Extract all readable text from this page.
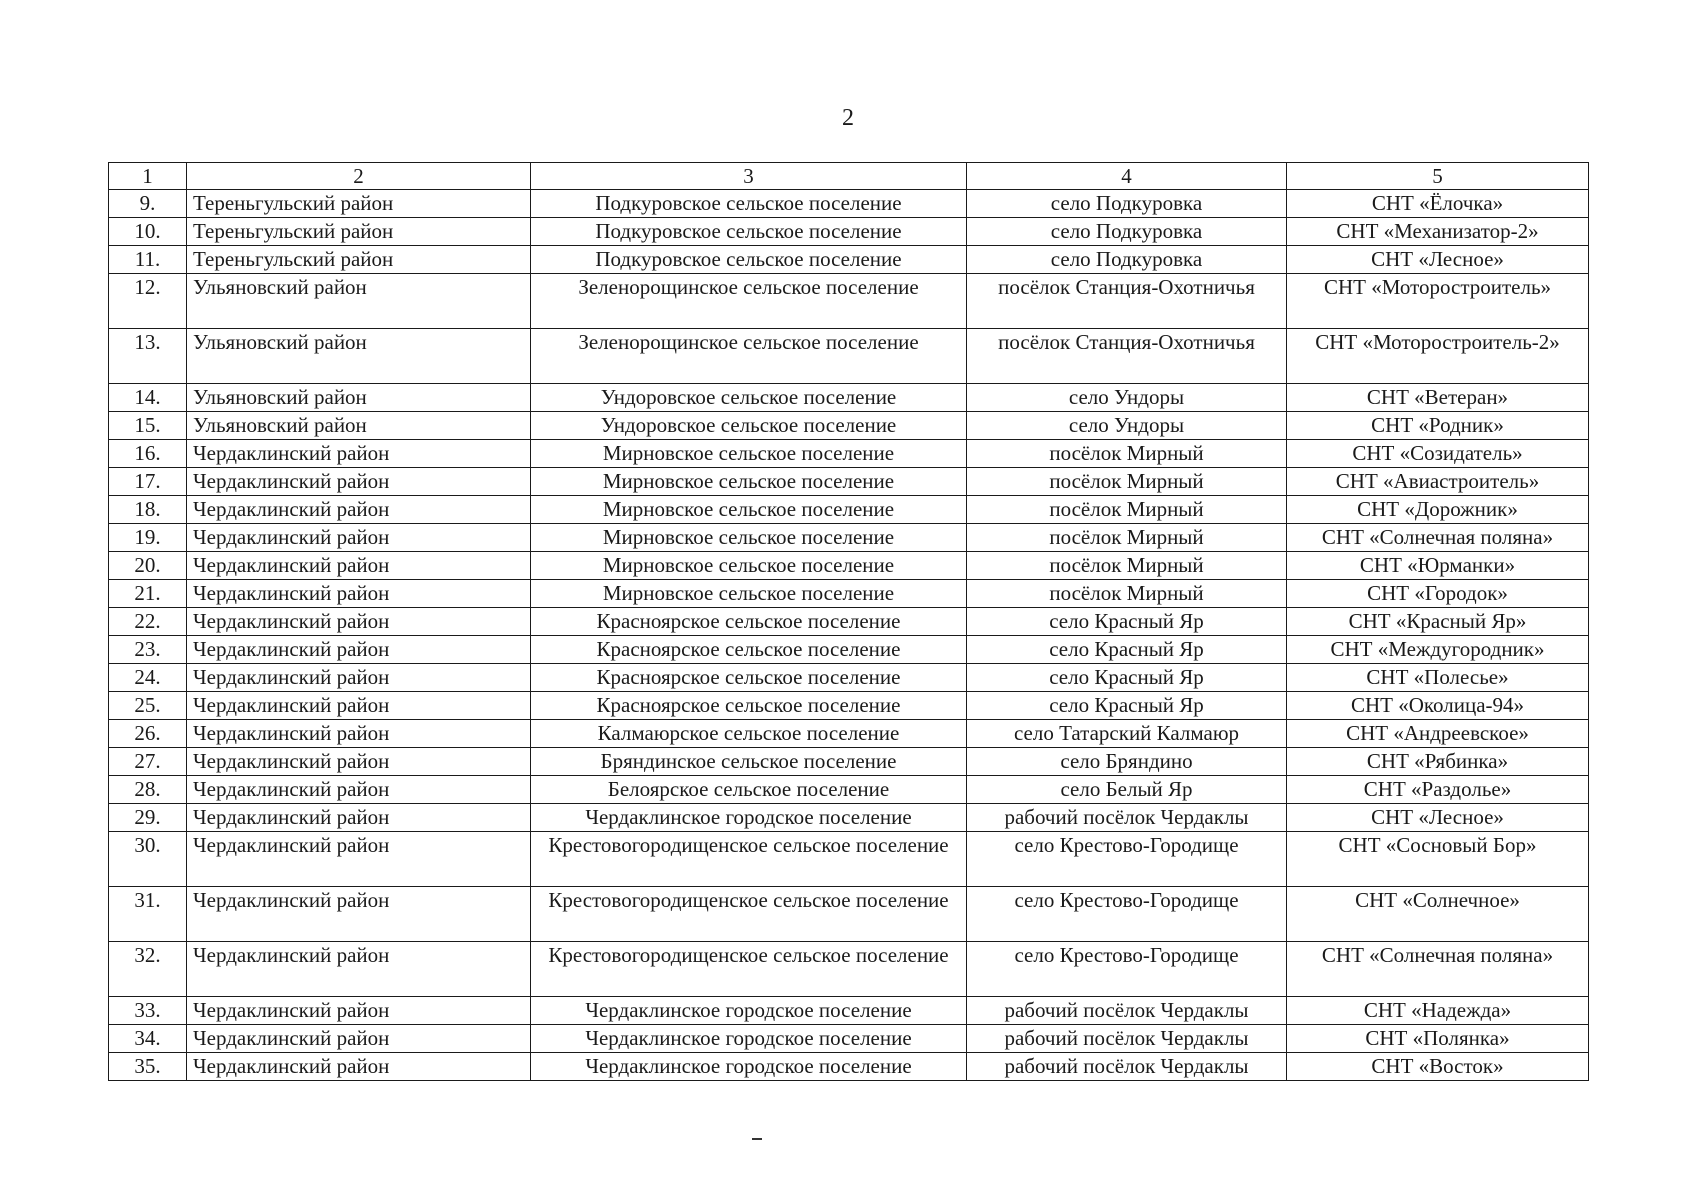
2
1	2	3	4	5
9.	Тереньгульский район	Подкуровское сельское поселение	село Подкуровка	СНТ «Ёлочка»
10.	Тереньгульский район	Подкуровское сельское поселение	село Подкуровка	СНТ «Механизатор-2»
11.	Тереньгульский район	Подкуровское сельское поселение	село Подкуровка	СНТ «Лесное»
12.	Ульяновский район	Зеленорощинское сельское поселение	посёлок Станция-Охотничья	СНТ «Моторостроитель»
13.	Ульяновский район	Зеленорощинское сельское поселение	посёлок Станция-Охотничья	СНТ «Моторостроитель-2»
14.	Ульяновский район	Ундоровское сельское поселение	село Ундоры	СНТ «Ветеран»
15.	Ульяновский район	Ундоровское сельское поселение	село Ундоры	СНТ «Родник»
16.	Чердаклинский район	Мирновское сельское поселение	посёлок Мирный	СНТ «Созидатель»
17.	Чердаклинский район	Мирновское сельское поселение	посёлок Мирный	СНТ «Авиастроитель»
18.	Чердаклинский район	Мирновское сельское поселение	посёлок Мирный	СНТ «Дорожник»
19.	Чердаклинский район	Мирновское сельское поселение	посёлок Мирный	СНТ «Солнечная поляна»
20.	Чердаклинский район	Мирновское сельское поселение	посёлок Мирный	СНТ «Юрманки»
21.	Чердаклинский район	Мирновское сельское поселение	посёлок Мирный	СНТ «Городок»
22.	Чердаклинский район	Красноярское сельское поселение	село Красный Яр	СНТ «Красный Яр»
23.	Чердаклинский район	Красноярское сельское поселение	село Красный Яр	СНТ «Междугородник»
24.	Чердаклинский район	Красноярское сельское поселение	село Красный Яр	СНТ «Полесье»
25.	Чердаклинский район	Красноярское сельское поселение	село Красный Яр	СНТ «Околица-94»
26.	Чердаклинский район	Калмаюрское сельское поселение	село Татарский Калмаюр	СНТ «Андреевское»
27.	Чердаклинский район	Бряндинское сельское поселение	село Бряндино	СНТ «Рябинка»
28.	Чердаклинский район	Белоярское сельское поселение	село Белый Яр	СНТ «Раздолье»
29.	Чердаклинский район	Чердаклинское городское поселение	рабочий посёлок Чердаклы	СНТ «Лесное»
30.	Чердаклинский район	Крестовогородищенское сельское поселение	село Крестово-Городище	СНТ «Сосновый Бор»
31.	Чердаклинский район	Крестовогородищенское сельское поселение	село Крестово-Городище	СНТ «Солнечное»
32.	Чердаклинский район	Крестовогородищенское сельское поселение	село Крестово-Городище	СНТ «Солнечная поляна»
33.	Чердаклинский район	Чердаклинское городское поселение	рабочий посёлок Чердаклы	СНТ «Надежда»
34.	Чердаклинский район	Чердаклинское городское поселение	рабочий посёлок Чердаклы	СНТ «Полянка»
35.	Чердаклинский район	Чердаклинское городское поселение	рабочий посёлок Чердаклы	СНТ «Восток»
